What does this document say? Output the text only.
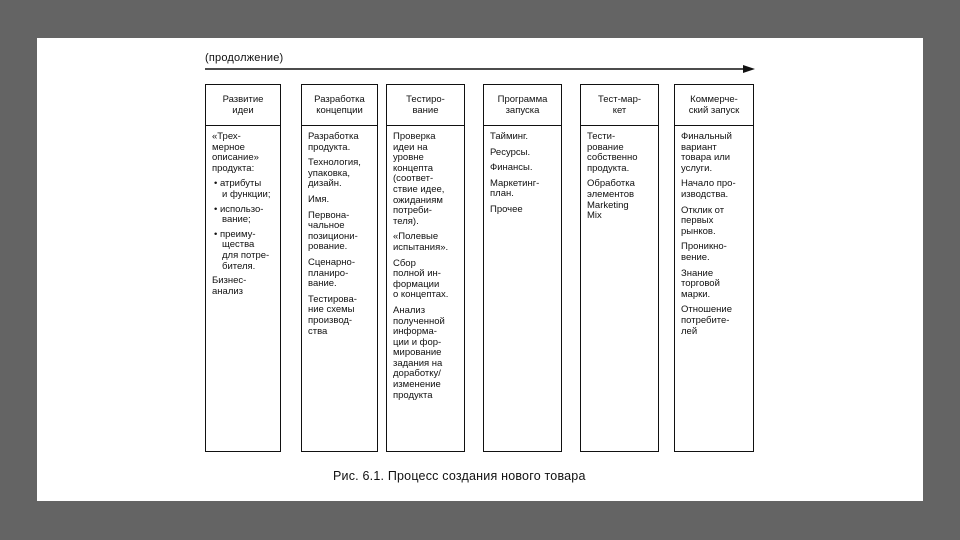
(продолжение)
Развитие
идеи
«Трех-
мерное
описание»
продукта:
• атрибуты
и функции;
• использо-
вание;
• преиму-
щества
для потре-
бителя.
Бизнес-
анализ
Разработка
концепции
Разработка
продукта.
Технология,
упаковка,
дизайн.
Имя.
Первона-
чальное
позициони-
рование.
Сценарно-
планиро-
вание.
Тестирова-
ние схемы
производ-
ства
Тестиро-
вание
Проверка
идеи на
уровне
концепта
(соответ-
ствие идее,
ожиданиям
потреби-
теля).
«Полевые
испытания».
Сбор
полной ин-
формации
о концептах.
Анализ
полученной
информа-
ции и фор-
мирование
задания на
доработку/
изменение
продукта
Программа
запуска
Тайминг.
Ресурсы.
Финансы.
Маркетинг-
план.
Прочее
Тест-мар-
кет
Тести-
рование
собственно
продукта.
Обработка
элементов
Marketing
Mix
Коммерче-
ский запуск
Финальный
вариант
товара или
услуги.
Начало про-
изводства.
Отклик от
первых
рынков.
Проникно-
вение.
Знание
торговой
марки.
Отношение
потребите-
лей
Рис. 6.1. Процесс создания нового товара
